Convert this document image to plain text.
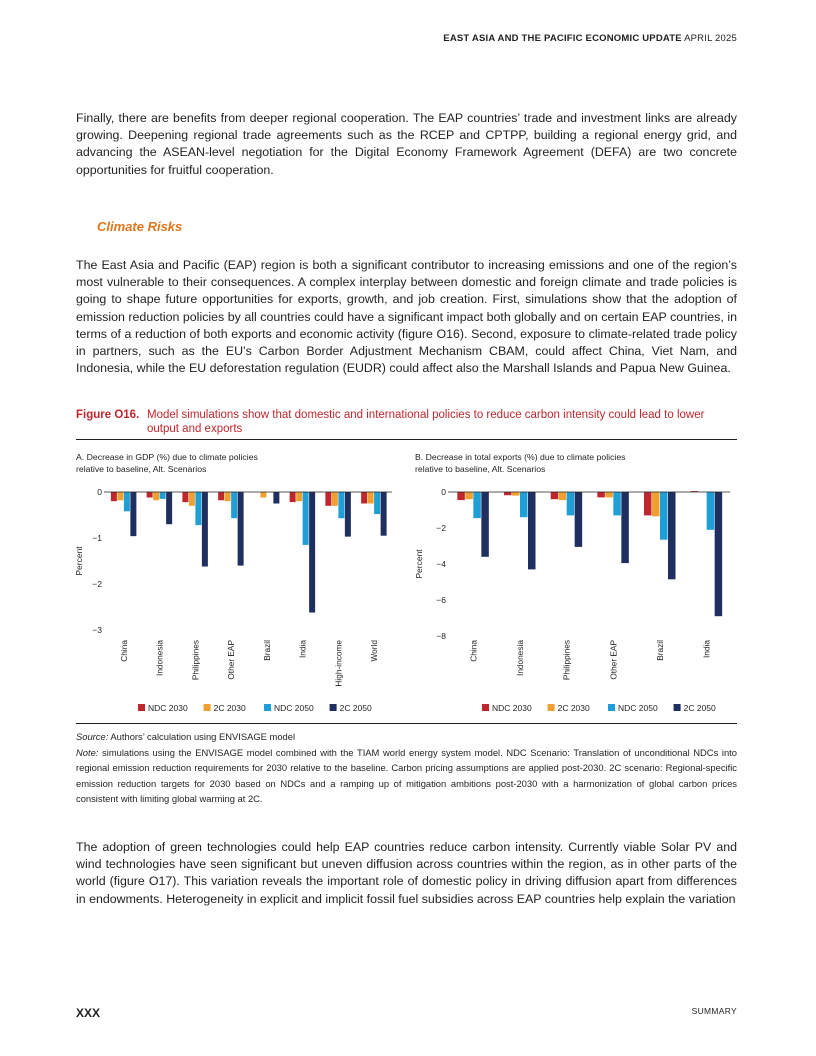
EAST ASIA AND THE PACIFIC ECONOMIC UPDATE APRIL 2025

Finally, there are benefits from deeper regional cooperation. The EAP countries’ trade and investment links are already growing. Deepening regional trade agreements such as the RCEP and CPTPP, building a regional energy grid, and advancing the ASEAN-level negotiation for the Digital Economy Framework Agreement (DEFA) are two concrete opportunities for fruitful cooperation.

Climate Risks

The East Asia and Pacific (EAP) region is both a significant contributor to increasing emissions and one of the region’s most vulnerable to their consequences. A complex interplay between domestic and foreign climate and trade policies is going to shape future opportunities for exports, growth, and job creation. First, simulations show that the adoption of emission reduction policies by all countries could have a significant impact both globally and on certain EAP countries, in terms of a reduction of both exports and economic activity (figure O16). Second, exposure to climate-related trade policy in partners, such as the EU’s Carbon Border Adjustment Mechanism CBAM, could affect China, Viet Nam, and Indonesia, while the EU deforestation regulation (EUDR) could affect also the Marshall Islands and Papua New Guinea.

Figure O16. Model simulations show that domestic and international policies to reduce carbon intensity could lead to lower output and exports
A. Decrease in GDP (%) due to climate policies
relative to baseline, Alt. Scenarios
B. Decrease in total exports (%) due to climate policies
relative to baseline, Alt. Scenarios
0
−1
−2
−3
Percent
China	Indonesia	Philippines	Other EAP	Brazil	India	High-income	World
NDC 2030	2C 2030	NDC 2050	2C 2050
0
−2
−4
−6
−8
Percent
China	Indonesia	Philippines	Other EAP	Brazil	India
NDC 2030	2C 2030	NDC 2050	2C 2050

Source: Authors’ calculation using ENVISAGE model

Note: simulations using the ENVISAGE model combined with the TIAM world energy system model. NDC Scenario: Translation of unconditional NDCs into regional emission reduction requirements for 2030 relative to the baseline. Carbon pricing assumptions are applied post-2030. 2C scenario: Regional-specific emission reduction targets for 2030 based on NDCs and a ramping up of mitigation ambitions post-2030 with a harmonization of global carbon prices consistent with limiting global warming at 2C.

The adoption of green technologies could help EAP countries reduce carbon intensity. Currently viable Solar PV and wind technologies have seen significant but uneven diffusion across countries within the region, as in other parts of the world (figure O17). This variation reveals the important role of domestic policy in driving diffusion apart from differences in endowments. Heterogeneity in explicit and implicit fossil fuel subsidies across EAP countries help explain the variation

XXX	SUMMARY
